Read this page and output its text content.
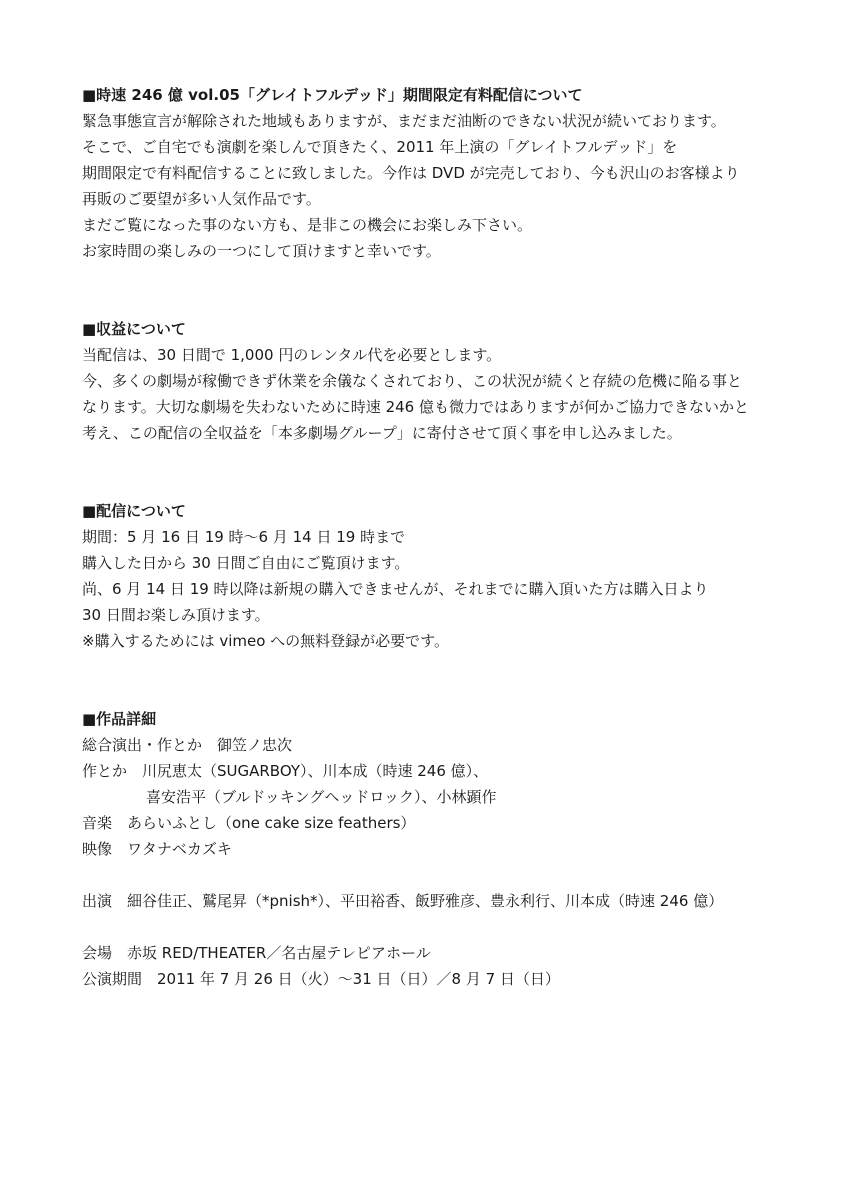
■時速 246 億 vol.05「グレイトフルデッド」期間限定有料配信について
緊急事態宣言が解除された地域もありますが、まだまだ油断のできない状況が続いております。
そこで、ご自宅でも演劇を楽しんで頂きたく、2011 年上演の「グレイトフルデッド」を
期間限定で有料配信することに致しました。今作は DVD が完売しており、今も沢山のお客様より
再販のご要望が多い人気作品です。
まだご覧になった事のない方も、是非この機会にお楽しみ下さい。
お家時間の楽しみの一つにして頂けますと幸いです。
■収益について
当配信は、30 日間で 1,000 円のレンタル代を必要とします。
今、多くの劇場が稼働できず休業を余儀なくされており、この状況が続くと存続の危機に陥る事と
なります。大切な劇場を失わないために時速 246 億も微力ではありますが何かご協力できないかと
考え、この配信の全収益を「本多劇場グループ」に寄付させて頂く事を申し込みました。
■配信について
期間：5 月 16 日 19 時〜6 月 14 日 19 時まで
購入した日から 30 日間ご自由にご覧頂けます。
尚、6 月 14 日 19 時以降は新規の購入できませんが、それまでに購入頂いた方は購入日より
30 日間お楽しみ頂けます。
※購入するためには vimeo への無料登録が必要です。
■作品詳細
総合演出・作とか　御笠ノ忠次
作とか　川尻恵太（SUGARBOY）、川本成（時速 246 億）、
喜安浩平（ブルドッキングヘッドロック）、小林顕作
音楽　あらいふとし（one cake size feathers）
映像　ワタナベカズキ
出演　細谷佳正、鷲尾昇（*pnish*）、平田裕香、飯野雅彦、豊永利行、川本成（時速 246 億）
会場　赤坂 RED/THEATER／名古屋テレピアホール
公演期間　2011 年 7 月 26 日（火）〜31 日（日）／8 月 7 日（日）
